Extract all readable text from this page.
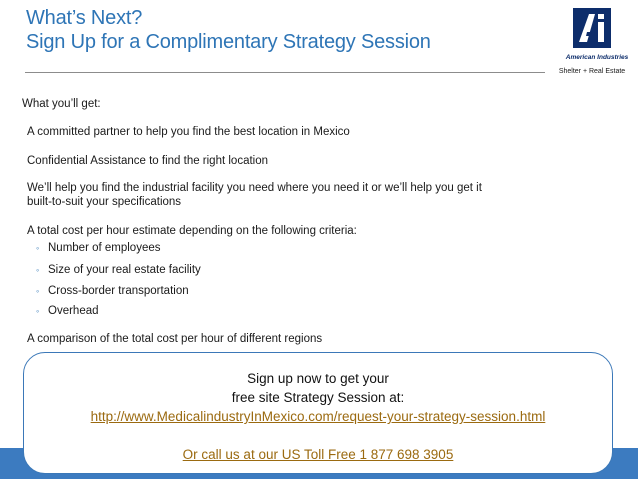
What’s Next?
Sign Up for a Complimentary Strategy Session
American Industries
Shelter + Real Estate
What you’ll get:
A committed partner to help you find the best location in Mexico
Confidential Assistance to find the right location
We’ll help you find the industrial facility you need where you need it or we’ll help you get it
built-to-suit your specifications
A total cost per hour estimate depending on the following criteria:
◦ Number of employees
◦ Size of your real estate facility
◦ Cross-border transportation
◦ Overhead
A comparison of the total cost per hour of different regions
Sign up now to get your
free site Strategy Session at:
http://www.MedicalindustryInMexico.com/request-your-strategy-session.html
Or call us at our US Toll Free 1 877 698 3905
